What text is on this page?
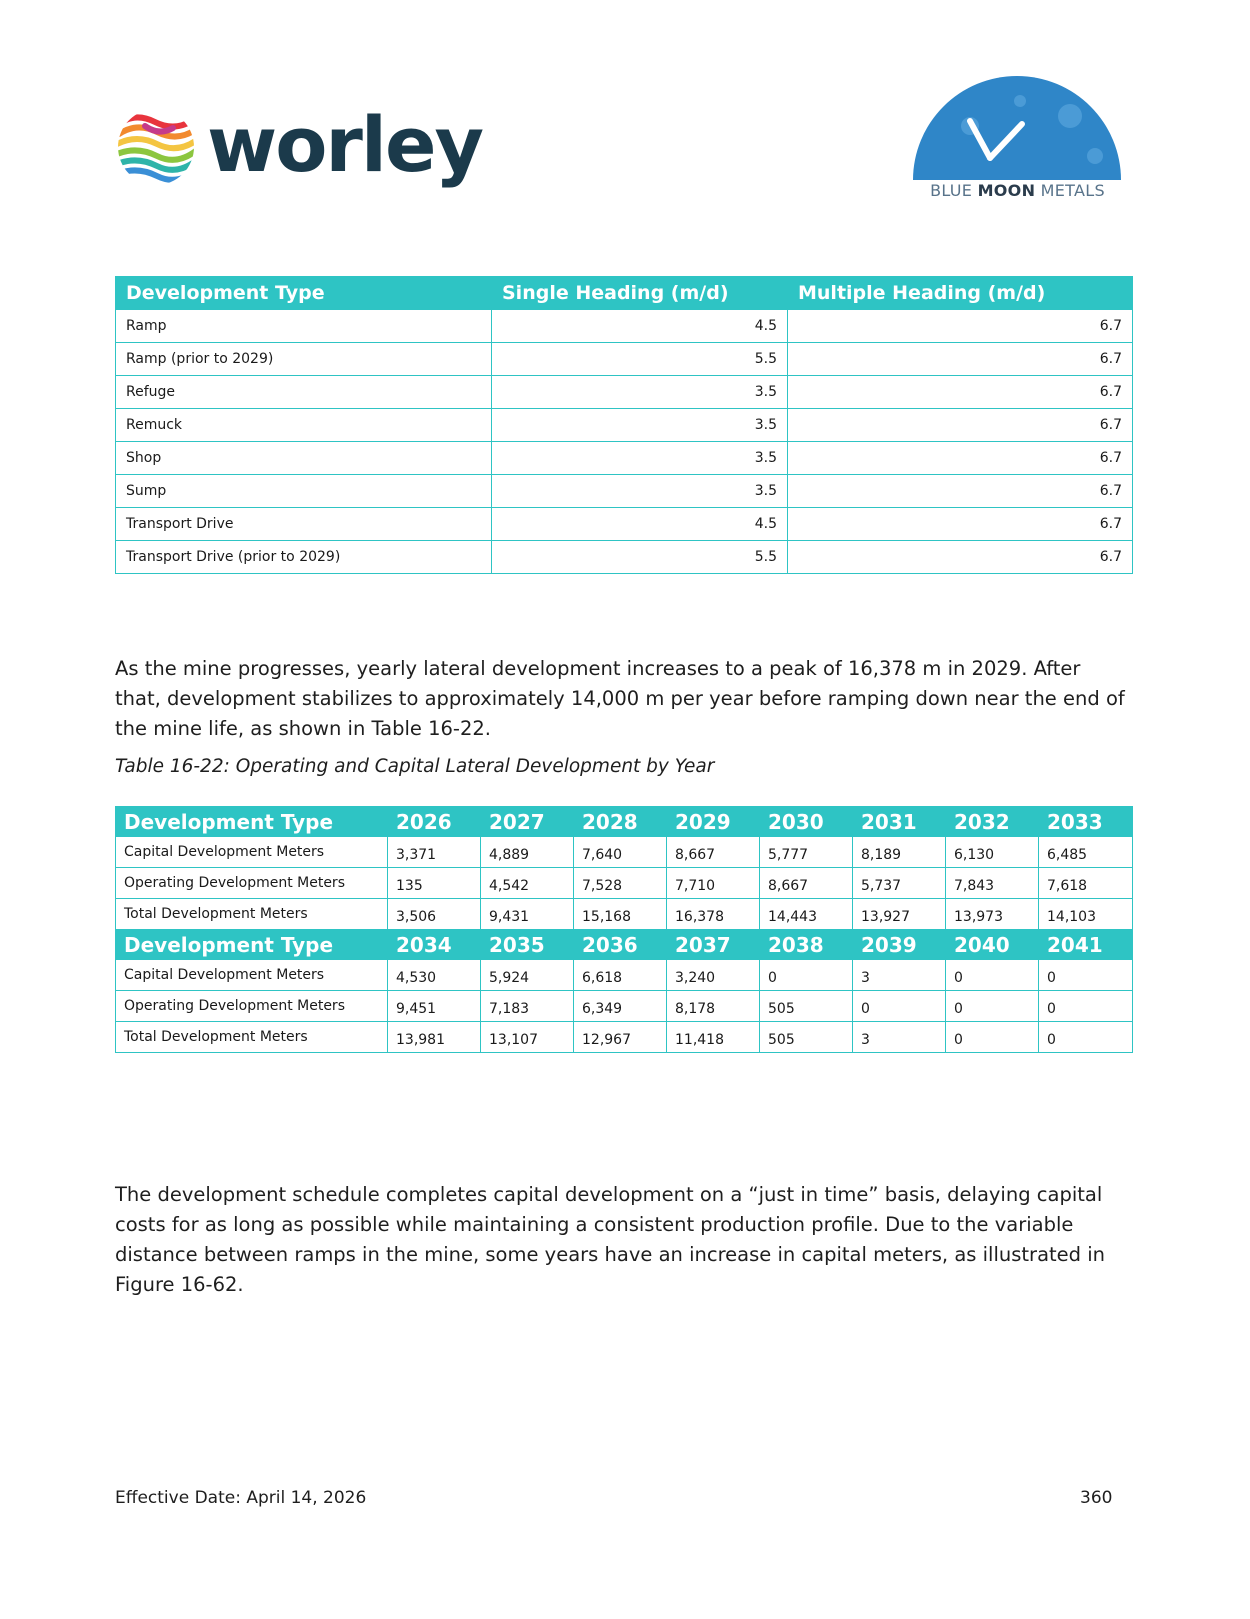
worley
BLUE MOON METALS
Development Type	Single Heading (m/d)	Multiple Heading (m/d)
Ramp	4.5	6.7
Ramp (prior to 2029)	5.5	6.7
Refuge	3.5	6.7
Remuck	3.5	6.7
Shop	3.5	6.7
Sump	3.5	6.7
Transport Drive	4.5	6.7
Transport Drive (prior to 2029)	5.5	6.7

As the mine progresses, yearly lateral development increases to a peak of 16,378 m in 2029. After that, development stabilizes to approximately 14,000 m per year before ramping down near the end of the mine life, as shown in Table 16-22.

Table 16-22: Operating and Capital Lateral Development by Year
Development Type	2026	2027	2028	2029	2030	2031	2032	2033
Capital Development Meters	3,371	4,889	7,640	8,667	5,777	8,189	6,130	6,485
Operating Development Meters	135	4,542	7,528	7,710	8,667	5,737	7,843	7,618
Total Development Meters	3,506	9,431	15,168	16,378	14,443	13,927	13,973	14,103
Development Type	2034	2035	2036	2037	2038	2039	2040	2041
Capital Development Meters	4,530	5,924	6,618	3,240	0	3	0	0
Operating Development Meters	9,451	7,183	6,349	8,178	505	0	0	0
Total Development Meters	13,981	13,107	12,967	11,418	505	3	0	0

The development schedule completes capital development on a “just in time” basis, delaying capital costs for as long as possible while maintaining a consistent production profile. Due to the variable distance between ramps in the mine, some years have an increase in capital meters, as illustrated in Figure 16-62.

Effective Date: April 14, 2026	360
